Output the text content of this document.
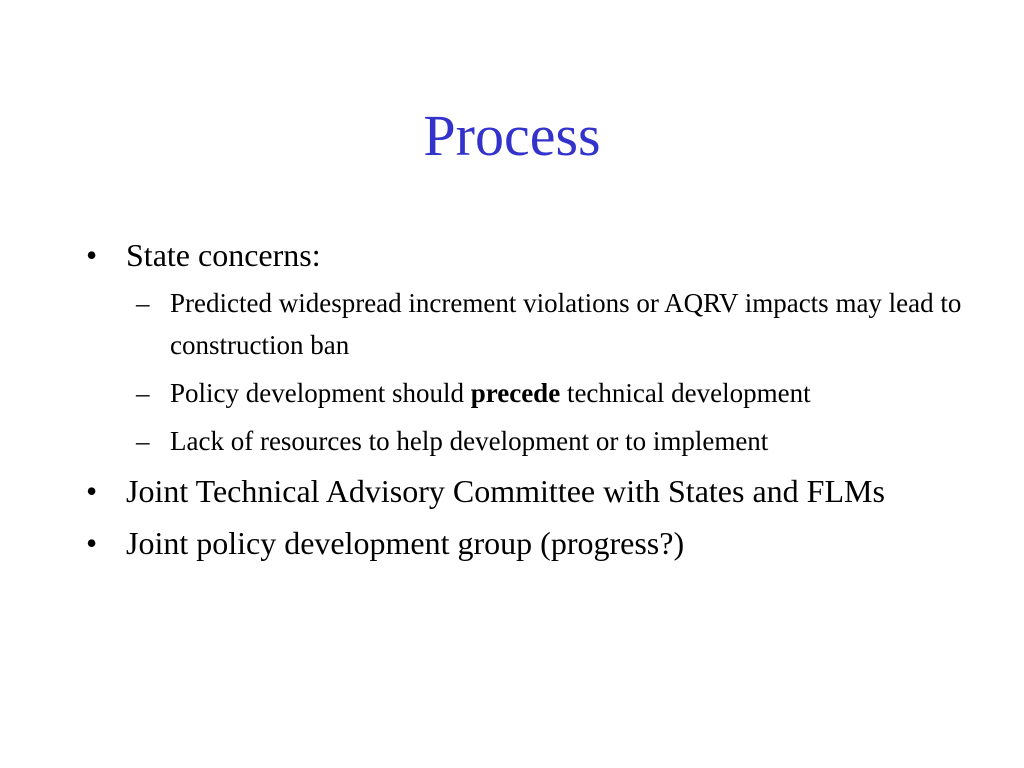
Process
• State concerns:
– Predicted widespread increment violations or AQRV impacts may lead to construction ban
– Policy development should precede technical development
– Lack of resources to help development or to implement
• Joint Technical Advisory Committee with States and FLMs
• Joint policy development group (progress?)
